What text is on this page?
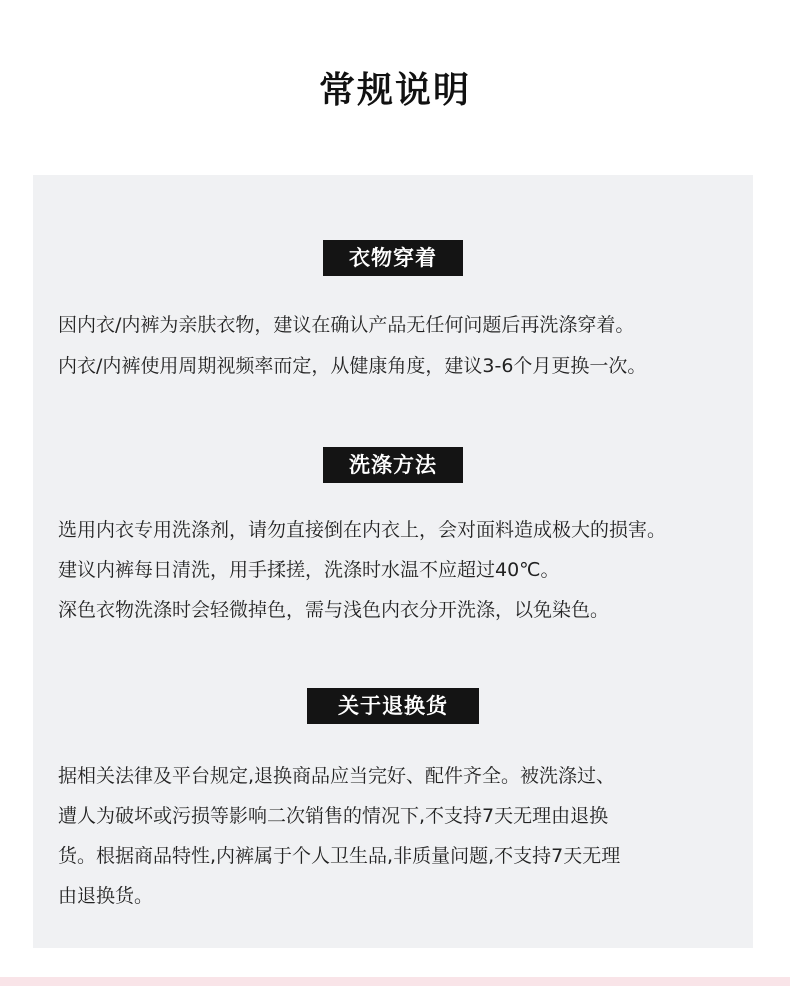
常规说明
衣物穿着
因内衣/内裤为亲肤衣物，建议在确认产品无任何问题后再洗涤穿着。
内衣/内裤使用周期视频率而定，从健康角度，建议3-6个月更换一次。
洗涤方法
选用内衣专用洗涤剂，请勿直接倒在内衣上，会对面料造成极大的损害。
建议内裤每日清洗，用手揉搓，洗涤时水温不应超过40℃。
深色衣物洗涤时会轻微掉色，需与浅色内衣分开洗涤，以免染色。
关于退换货
据相关法律及平台规定,退换商品应当完好、配件齐全。被洗涤过、
遭人为破坏或污损等影响二次销售的情况下,不支持7天无理由退换
货。根据商品特性,内裤属于个人卫生品,非质量问题,不支持7天无理
由退换货。
